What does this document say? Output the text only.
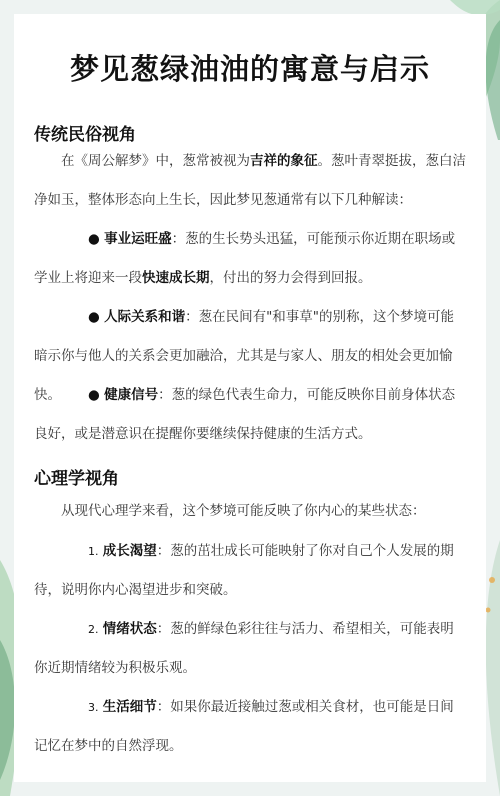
梦见葱绿油油的寓意与启示
传统民俗视角

在《周公解梦》中，葱常被视为吉祥的象征。葱叶青翠挺拔，葱白洁净如玉，整体形态向上生长，因此梦见葱通常有以下几种解读：

● 事业运旺盛：葱的生长势头迅猛，可能预示你近期在职场或学业上将迎来一段快速成长期，付出的努力会得到回报。

● 人际关系和谐：葱在民间有"和事草"的别称，这个梦境可能暗示你与他人的关系会更加融洽，尤其是与家人、朋友的相处会更加愉快。	● 健康信号：葱的绿色代表生命力，可能反映你目前身体状态良好，或是潜意识在提醒你要继续保持健康的生活方式。

心理学视角

从现代心理学来看，这个梦境可能反映了你内心的某些状态：

1. 成长渴望：葱的茁壮成长可能映射了你对自己个人发展的期待，说明你内心渴望进步和突破。

2. 情绪状态：葱的鲜绿色彩往往与活力、希望相关，可能表明你近期情绪较为积极乐观。

3. 生活细节：如果你最近接触过葱或相关食材，也可能是日间记忆在梦中的自然浮现。
